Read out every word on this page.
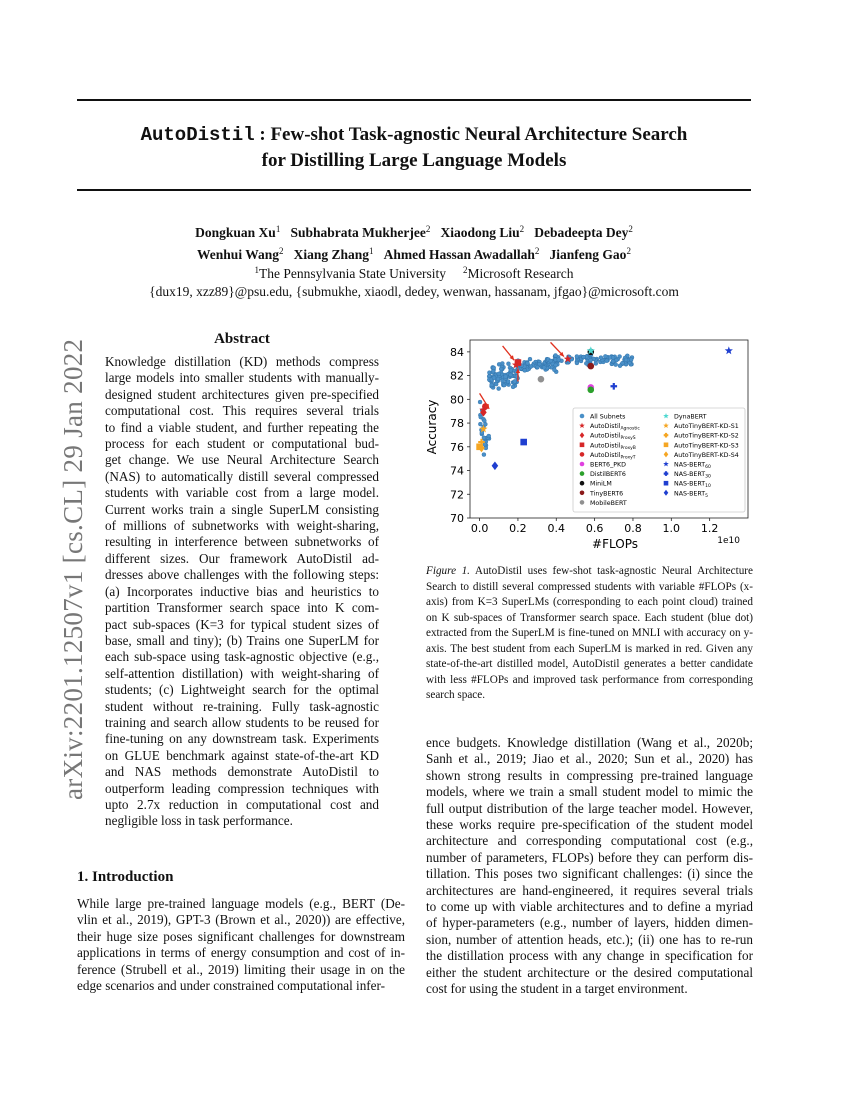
AutoDistil : Few-shot Task-agnostic Neural Architecture Search
for Distilling Large Language Models
Dongkuan Xu$^1$ Subhabrata Mukherjee$^2$ Xiaodong Liu$^2$ Debadeepta Dey$^2$
Wenhui Wang$^2$ Xiang Zhang$^1$ Ahmed Hassan Awadallah$^2$ Jianfeng Gao$^2$
$^1$The Pennsylvania State University $^2$Microsoft Research
{dux19, xzz89}@psu.edu, {submukhe, xiaodl, dedey, wenwan, hassanam, jfgao}@microsoft.com
arXiv:2201.12507v1 [cs.CL] 29 Jan 2022	Abstract
Knowledge distillation (KD) methods compress
large models into smaller students with manually-
designed student architectures given pre-specified
computational cost. This requires several trials
to find a viable student, and further repeating the
process for each student or computational bud-
get change. We use Neural Architecture Search
(NAS) to automatically distill several compressed
students with variable cost from a large model.
Current works train a single SuperLM consisting
of millions of subnetworks with weight-sharing,
resulting in interference between subnetworks of
different sizes. Our framework AutoDistil ad-
dresses above challenges with the following steps:
(a) Incorporates inductive bias and heuristics to
partition Transformer search space into K com-
pact sub-spaces (K=3 for typical student sizes of
base, small and tiny); (b) Trains one SuperLM for
each sub-space using task-agnostic objective (e.g.,
self-attention distillation) with weight-sharing of
students; (c) Lightweight search for the optimal
student without re-training. Fully task-agnostic
training and search allow students to be reused for
fine-tuning on any downstream task. Experiments
on GLUE benchmark against state-of-the-art KD
and NAS methods demonstrate AutoDistil to
outperform leading compression techniques with
upto 2.7x reduction in computational cost and
negligible loss in task performance.
1. Introduction
While large pre-trained language models (e.g., BERT (De-
vlin et al., 2019), GPT-3 (Brown et al., 2020)) are effective,
their huge size poses significant challenges for downstream
applications in terms of energy consumption and cost of in-
ference (Strubell et al., 2019) limiting their usage in on the
edge scenarios and under constrained computational infer-
ence budgets. Knowledge distillation (Wang et al., 2020b;
Sanh et al., 2019; Jiao et al., 2020; Sun et al., 2020) has
shown strong results in compressing pre-trained language
models, where we train a small student model to mimic the
full output distribution of the large teacher model. However,
these works require pre-specification of the student model
architecture and corresponding computational cost (e.g.,
number of parameters, FLOPs) before they can perform dis-
tillation. This poses two significant challenges: (i) since the
architectures are hand-engineered, it requires several trials
to come up with viable architectures and to define a myriad
of hyper-parameters (e.g., number of layers, hidden dimen-
sion, number of attention heads, etc.); (ii) one has to re-run
the distillation process with any change in specification for
either the student architecture or the desired computational
cost for using the student in a target environment.
0.0 0.2 0.4 0.6 0.8 1.0 1.2
70
72
74
76
78
80
82
84
All Subnets
AutoDistil$_{Agnostic}$
AutoDistil$_{ProxyS}$
AutoDistil$_{ProxyB}$
AutoDistil$_{ProxyT}$
BERT6_PKD
DistilBERT6
MiniLM
TinyBERT6
MobileBERT
DynaBERT
AutoTinyBERT-KD-S1
AutoTinyBERT-KD-S2
AutoTinyBERT-KD-S3
AutoTinyBERT-KD-S4
NAS-$BERT_{60}$
NAS-$BERT_{30}$
NAS-$BERT_{10}$
NAS-$BERT_5$
#FLOPs
Accuracy
1e10
Figure 1. AutoDistil uses few-shot task-agnostic Neural Architecture Search to distill several compressed students with variable #FLOPs (x-axis) from K=3 SuperLMs (corresponding to each point cloud) trained on K sub-spaces of Transformer search space. Each student (blue dot) extracted from the SuperLM is fine-tuned on MNLI with accuracy on y-axis. The best student from each SuperLM is marked in red. Given any state-of-the-art distilled model, AutoDistil generates a better candidate with less #FLOPs and improved task performance from corresponding search space.
